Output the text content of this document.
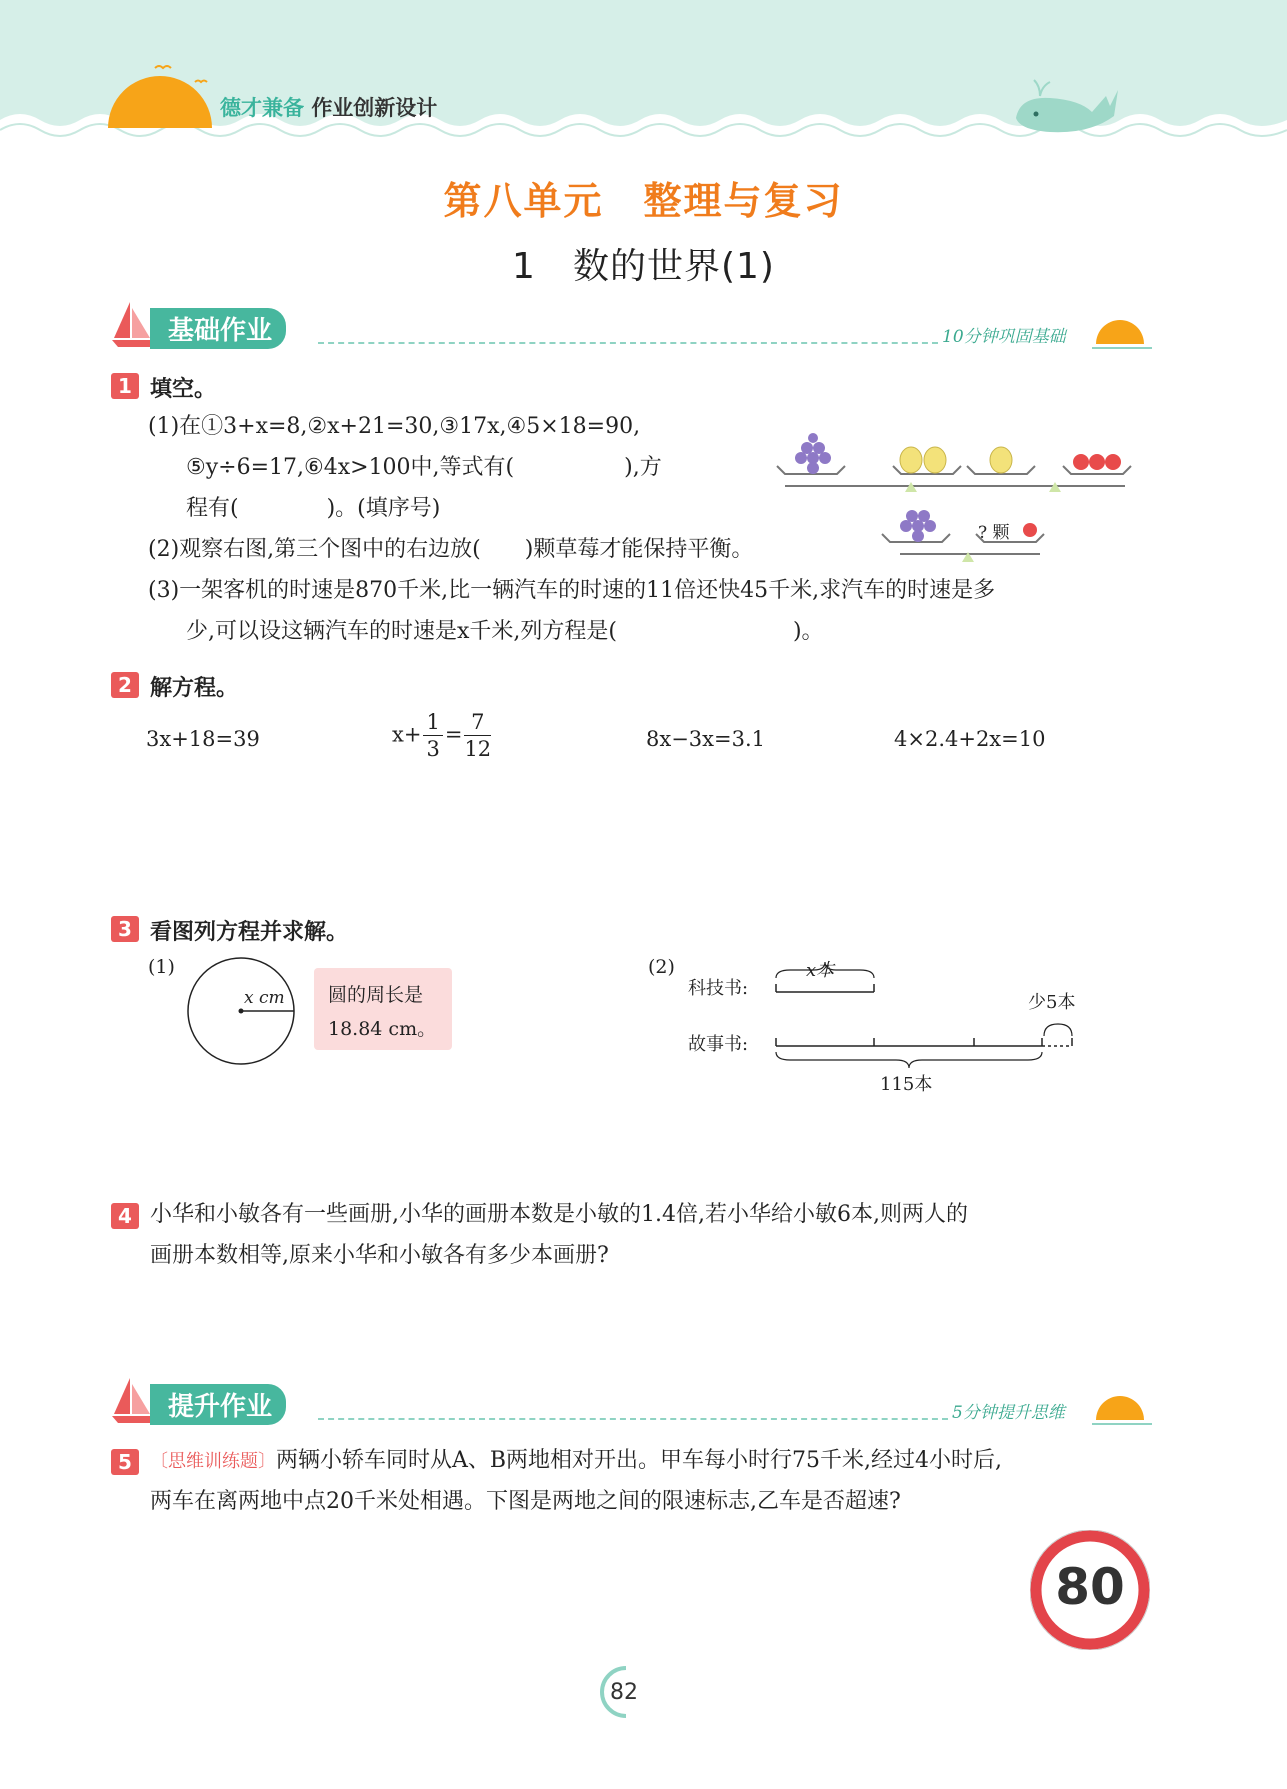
德才兼备 作业创新设计
第八单元　整理与复习
1　数的世界(1)
基础作业	10分钟巩固基础
1 填空。
(1)在①3+x=8,②x+21=30,③17x,④5×18=90,
⑤y÷6=17,⑥4x>100中,等式有(　　　　　),方
程有(　　　　)。(填序号)
(2)观察右图,第三个图中的右边放(　　)颗草莓才能保持平衡。
(3)一架客机的时速是870千米,比一辆汽车的时速的11倍还快45千米,求汽车的时速是多
少,可以设这辆汽车的时速是x千米,列方程是(　　　　　　　　)。
? 颗
2 解方程。
3x+18=39	$x+ \frac{1}{3} = \frac{7}{12}$	8x−3x=3.1	4×2.4+2x=10
3 看图列方程并求解。
(1)
x cm 圆的周长是
18.84 cm。
(2)
科技书:
x本
故事书:
少5本
115本
4 小华和小敏各有一些画册,小华的画册本数是小敏的1.4倍,若小华给小敏6本,则两人的
画册本数相等,原来小华和小敏各有多少本画册?
提升作业	5分钟提升思维
5	〔思维训练题〕两辆小轿车同时从A、B两地相对开出。甲车每小时行75千米,经过4小时后,
两车在离两地中点20千米处相遇。下图是两地之间的限速标志,乙车是否超速?
80
82
